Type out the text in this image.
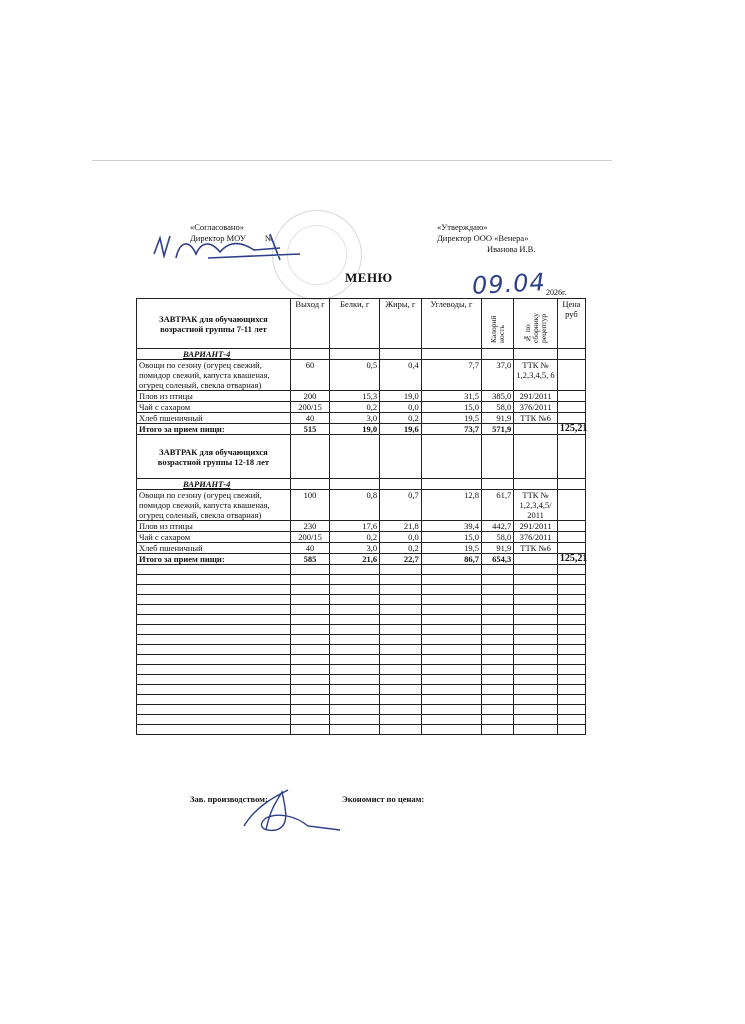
«Согласовано»
Директор МОУ №
«Утверждаю»
Директор ООО «Венера»
Иванова И.В.
МЕНЮ	09.04 2026г.
ЗАВТРАК для обучающихся возрастной группы 7-11 лет	Выход г	Белки, г	Жиры, г	Углеводы, г	Калорий ность	№ по сборнику рецептур	Цена руб
ВАРИАНТ-4							
Овощи по сезону (огурец свежий, помидор свежий, капуста квашеная, огурец соленый, свекла отварная)	60	0,5	0,4	7,7	37,0	ТТК № 1,2,3,4,5, 6	
Плов из птицы	200	15,3	19,0	31,5	385,0	291/2011	
Чай с сахаром	200/15	0,2	0,0	15,0	58,0	376/2011	
Хлеб пшеничный	40	3,0	0,2	19,5	91,9	ТТК №6	
Итого за прием пищи:	515	19,0	19,6	73,7	571,9		125,21
ЗАВТРАК для обучающихся возрастной группы 12-18 лет							
ВАРИАНТ-4							
Овощи по сезону (огурец свежий, помидор свежий, капуста квашеная, огурец соленый, свекла отварная)	100	0,8	0,7	12,8	61,7	ТТК № 1,2,3,4,5/ 2011	
Плов из птицы	230	17,6	21,8	39,4	442,7	291/2011	
Чай с сахаром	200/15	0,2	0,0	15,0	58,0	376/2011	
Хлеб пшеничный	40	3,0	0,2	19,5	91,9	ТТК №6	
Итого за прием пищи:	585	21,6	22,7	86,7	654,3		125,21

Зав. производством:	Экономист по ценам:
